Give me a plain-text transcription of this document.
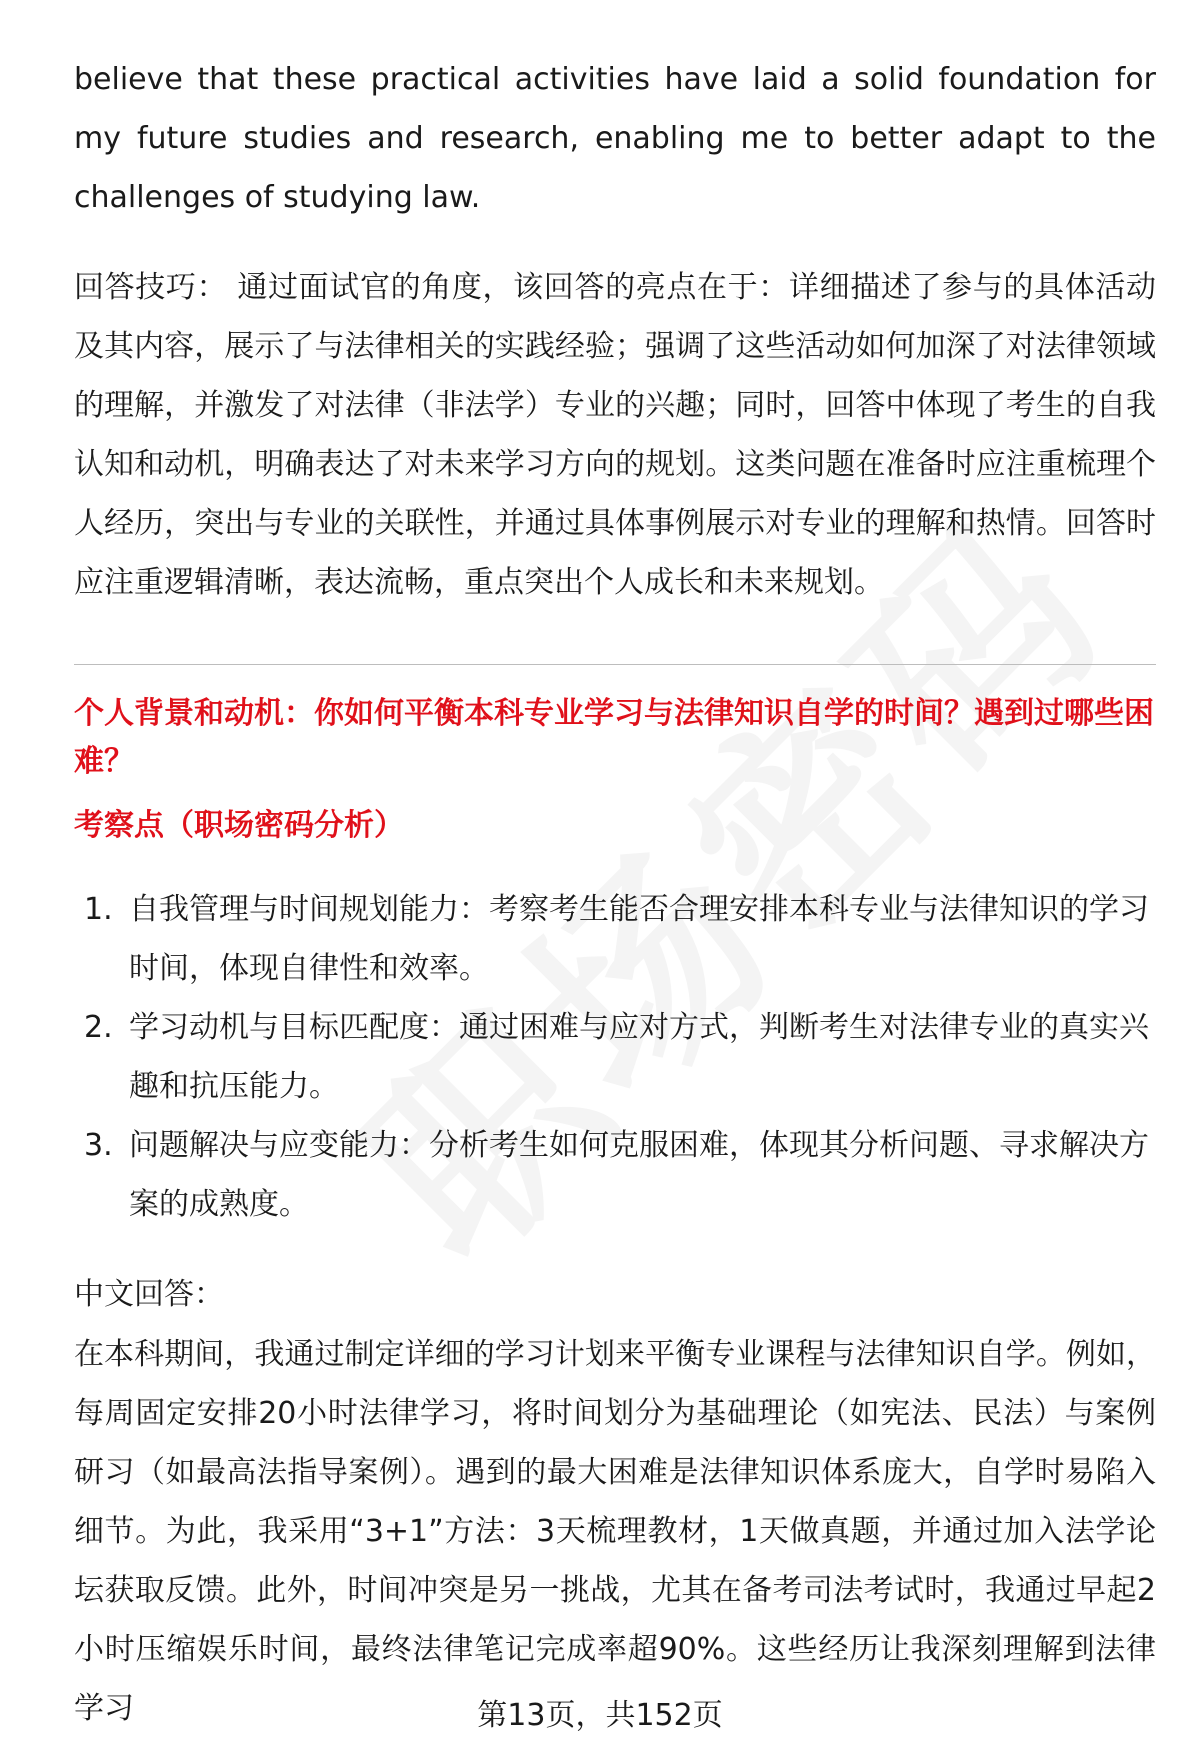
believe that these practical activities have laid a solid foundation for my future studies and research, enabling me to better adapt to the challenges of studying law.

回答技巧： 通过面试官的角度，该回答的亮点在于：详细描述了参与的具体活动及其内容，展示了与法律相关的实践经验；强调了这些活动如何加深了对法律领域的理解，并激发了对法律（非法学）专业的兴趣；同时，回答中体现了考生的自我认知和动机，明确表达了对未来学习方向的规划。这类问题在准备时应注重梳理个人经历，突出与专业的关联性，并通过具体事例展示对专业的理解和热情。回答时应注重逻辑清晰，表达流畅，重点突出个人成长和未来规划。

个人背景和动机：你如何平衡本科专业学习与法律知识自学的时间？遇到过哪些困难？
考察点（职场密码分析）
1. 自我管理与时间规划能力：考察考生能否合理安排本科专业与法律知识的学习时间，体现自律性和效率。
2. 学习动机与目标匹配度：通过困难与应对方式，判断考生对法律专业的真实兴趣和抗压能力。
3. 问题解决与应变能力：分析考生如何克服困难，体现其分析问题、寻求解决方案的成熟度。

中文回答：

在本科期间，我通过制定详细的学习计划来平衡专业课程与法律知识自学。例如，每周固定安排20小时法律学习，将时间划分为基础理论（如宪法、民法）与案例研习（如最高法指导案例）。遇到的最大困难是法律知识体系庞大，自学时易陷入细节。为此，我采用“3+1”方法：3天梳理教材，1天做真题，并通过加入法学论坛获取反馈。此外，时间冲突是另一挑战，尤其在备考司法考试时，我通过早起2小时压缩娱乐时间，最终法律笔记完成率超90%。这些经历让我深刻理解到法律学习	第13页，共152页
